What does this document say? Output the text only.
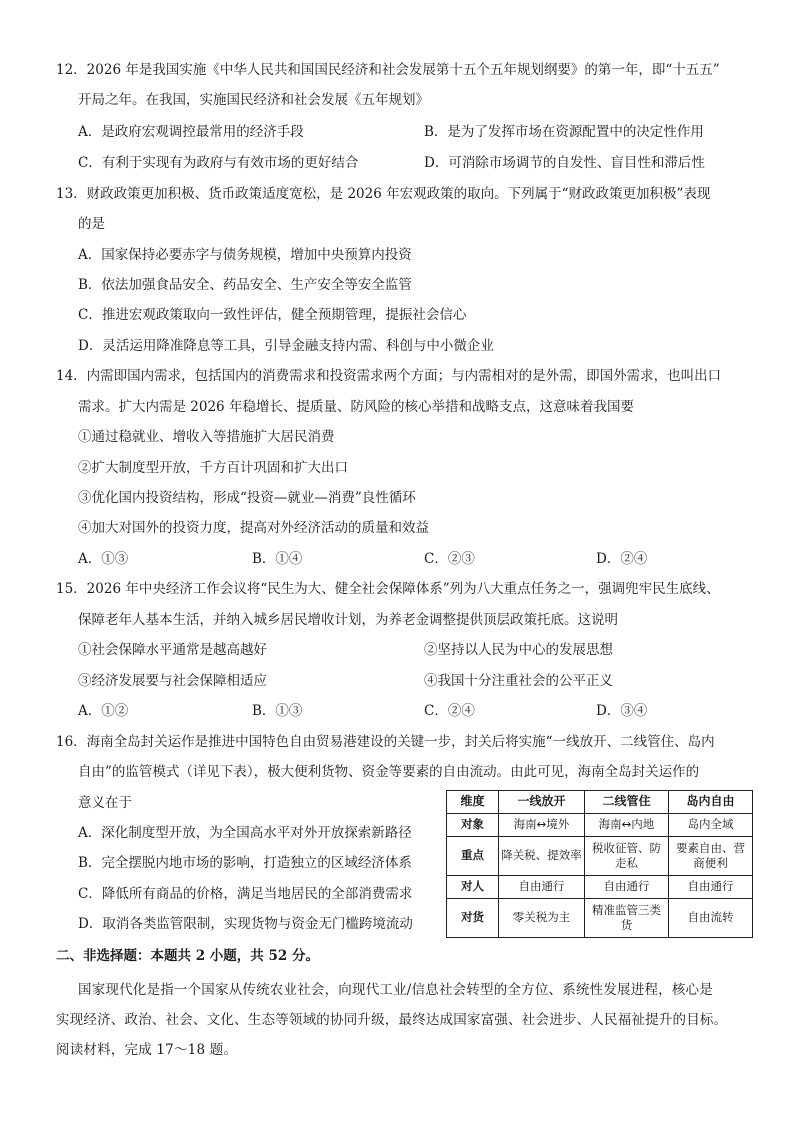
12．2026 年是我国实施《中华人民共和国国民经济和社会发展第十五个五年规划纲要》的第一年，即“十五五”
开局之年。在我国，实施国民经济和社会发展《五年规划》
A．是政府宏观调控最常用的经济手段	B．是为了发挥市场在资源配置中的决定性作用
C．有利于实现有为政府与有效市场的更好结合	D．可消除市场调节的自发性、盲目性和滞后性
13．财政政策更加积极、货币政策适度宽松，是 2026 年宏观政策的取向。下列属于“财政政策更加积极”表现
的是
A．国家保持必要赤字与债务规模，增加中央预算内投资
B．依法加强食品安全、药品安全、生产安全等安全监管
C．推进宏观政策取向一致性评估，健全预期管理，提振社会信心
D．灵活运用降准降息等工具，引导金融支持内需、科创与中小微企业
14．内需即国内需求，包括国内的消费需求和投资需求两个方面；与内需相对的是外需，即国外需求，也叫出口
需求。扩大内需是 2026 年稳增长、提质量、防风险的核心举措和战略支点，这意味着我国要
①通过稳就业、增收入等措施扩大居民消费
②扩大制度型开放，千方百计巩固和扩大出口
③优化国内投资结构，形成“投资—就业—消费”良性循环
④加大对国外的投资力度，提高对外经济活动的质量和效益
A．①③	B．①④	C．②③	D．②④
15．2026 年中央经济工作会议将“民生为大、健全社会保障体系”列为八大重点任务之一，强调兜牢民生底线、
保障老年人基本生活，并纳入城乡居民增收计划，为养老金调整提供顶层政策托底。这说明
①社会保障水平通常是越高越好	②坚持以人民为中心的发展思想
③经济发展要与社会保障相适应	④我国十分注重社会的公平正义
A．①②	B．①③	C．②④	D．③④
16．海南全岛封关运作是推进中国特色自由贸易港建设的关键一步，封关后将实施“一线放开、二线管住、岛内
自由”的监管模式（详见下表），极大便利货物、资金等要素的自由流动。由此可见，海南全岛封关运作的
意义在于
A．深化制度型开放，为全国高水平对外开放探索新路径
B．完全摆脱内地市场的影响，打造独立的区域经济体系
C．降低所有商品的价格，满足当地居民的全部消费需求
D．取消各类监管限制，实现货物与资金无门槛跨境流动
维度	一线放开	二线管住	岛内自由
对象	海南↔境外	海南↔内地	岛内全域
重点	降关税、提效率	税收征管、防走私	要素自由、营商便利
对人	自由通行	自由通行	自由通行
对货	零关税为主	精准监管三类货	自由流转
二、非选择题：本题共 2 小题，共 52 分。
国家现代化是指一个国家从传统农业社会，向现代工业/信息社会转型的全方位、系统性发展进程，核心是
实现经济、政治、社会、文化、生态等领域的协同升级，最终达成国家富强、社会进步、人民福祉提升的目标。
阅读材料，完成 17～18 题。
